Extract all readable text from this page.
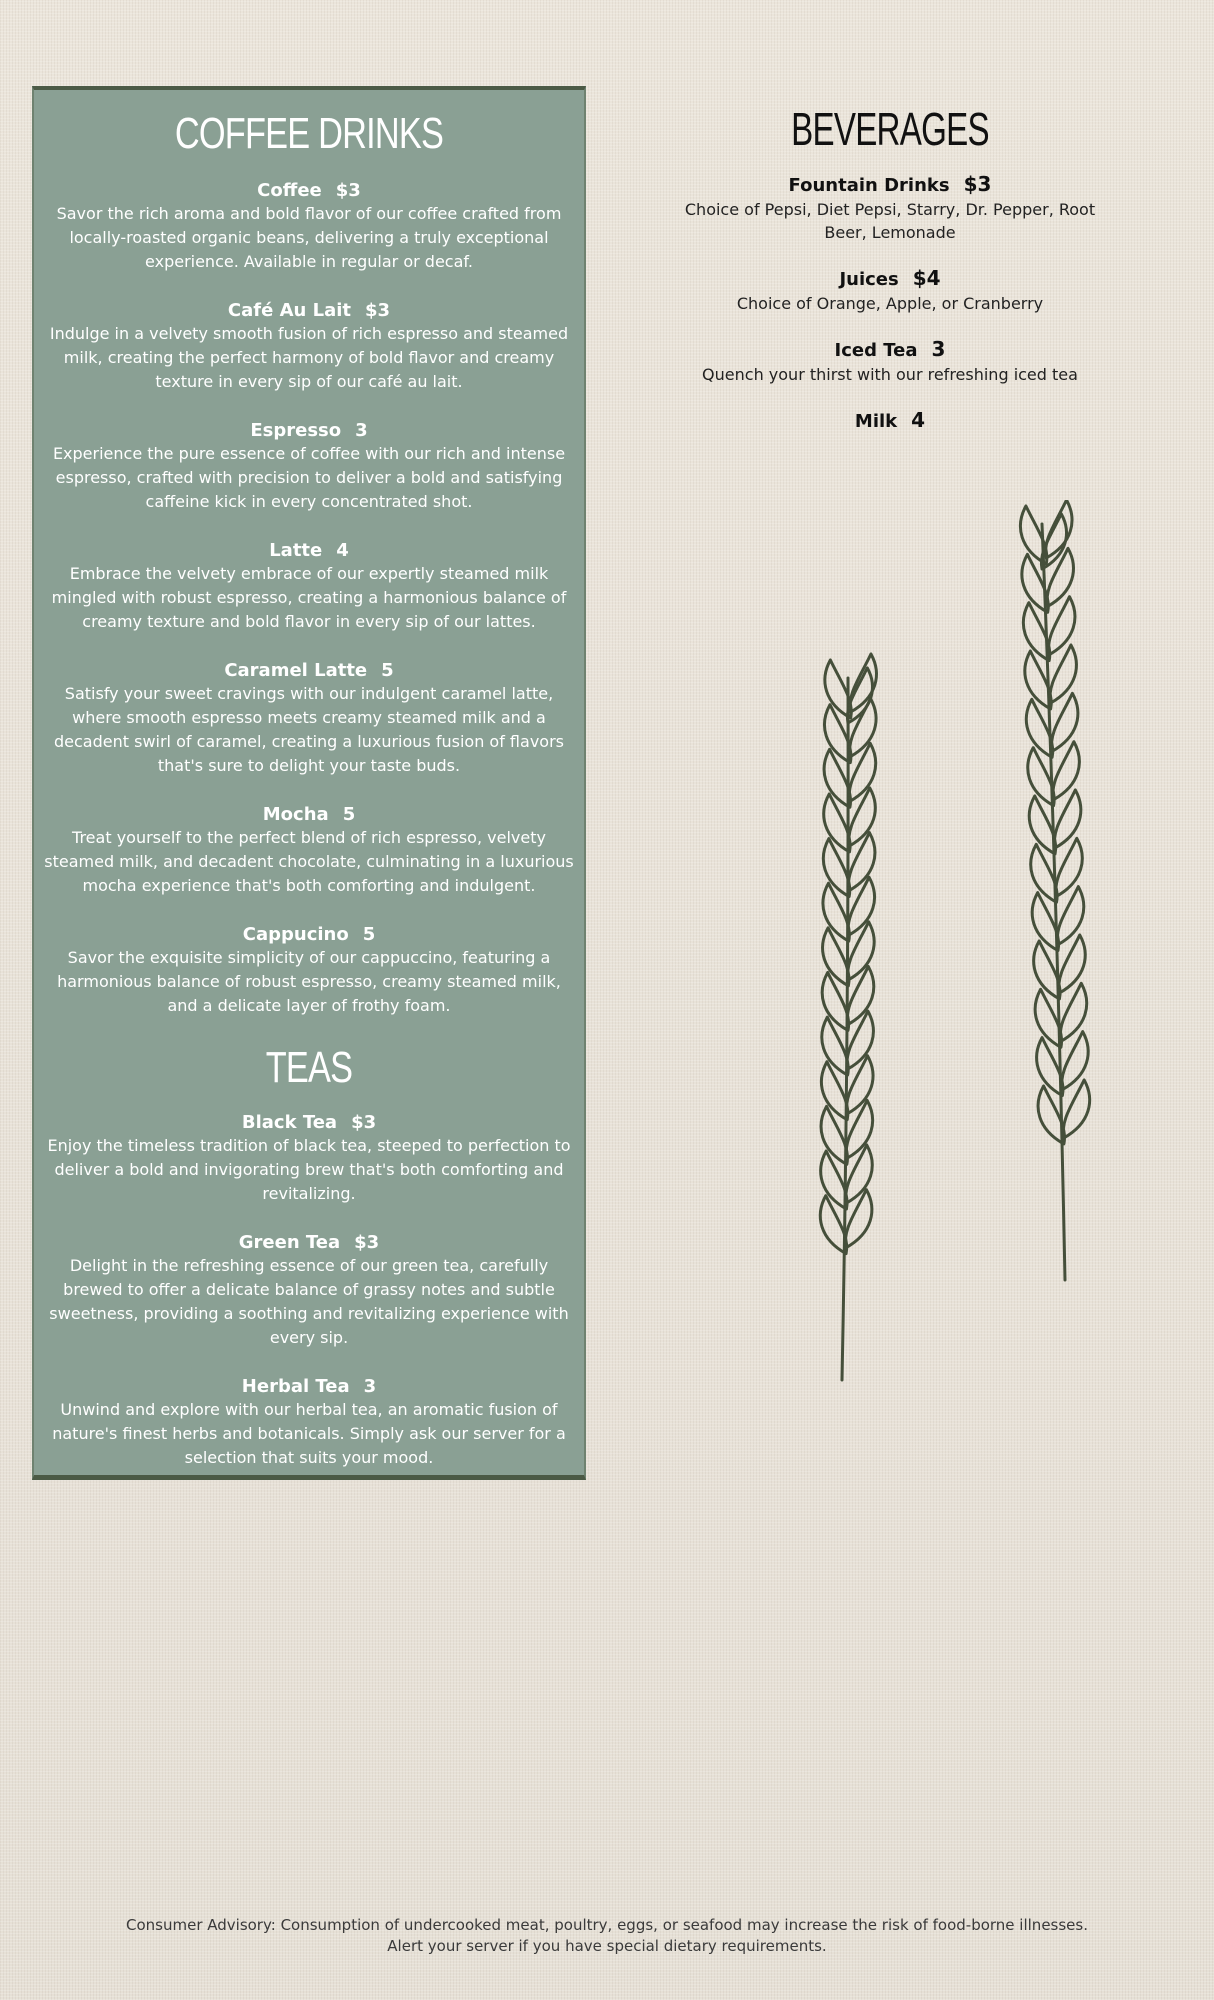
COFFEE DRINKS
Coffee $3
Savor the rich aroma and bold flavor of our coffee crafted from locally-roasted organic beans, delivering a truly exceptional experience. Available in regular or decaf.
Café Au Lait $3
Indulge in a velvety smooth fusion of rich espresso and steamed milk, creating the perfect harmony of bold flavor and creamy texture in every sip of our café au lait.
Espresso 3
Experience the pure essence of coffee with our rich and intense espresso, crafted with precision to deliver a bold and satisfying caffeine kick in every concentrated shot.
Latte 4
Embrace the velvety embrace of our expertly steamed milk mingled with robust espresso, creating a harmonious balance of creamy texture and bold flavor in every sip of our lattes.
Caramel Latte 5
Satisfy your sweet cravings with our indulgent caramel latte, where smooth espresso meets creamy steamed milk and a decadent swirl of caramel, creating a luxurious fusion of flavors that's sure to delight your taste buds.
Mocha 5
Treat yourself to the perfect blend of rich espresso, velvety steamed milk, and decadent chocolate, culminating in a luxurious mocha experience that's both comforting and indulgent.
Cappucino 5
Savor the exquisite simplicity of our cappuccino, featuring a harmonious balance of robust espresso, creamy steamed milk, and a delicate layer of frothy foam.
TEAS
Black Tea $3
Enjoy the timeless tradition of black tea, steeped to perfection to deliver a bold and invigorating brew that's both comforting and revitalizing.
Green Tea $3
Delight in the refreshing essence of our green tea, carefully brewed to offer a delicate balance of grassy notes and subtle sweetness, providing a soothing and revitalizing experience with every sip.
Herbal Tea 3
Unwind and explore with our herbal tea, an aromatic fusion of nature's finest herbs and botanicals. Simply ask our server for a selection that suits your mood.
BEVERAGES
Fountain Drinks $3
Choice of Pepsi, Diet Pepsi, Starry, Dr. Pepper, Root Beer, Lemonade
Juices $4
Choice of Orange, Apple, or Cranberry
Iced Tea 3
Quench your thirst with our refreshing iced tea
Milk 4
Consumer Advisory: Consumption of undercooked meat, poultry, eggs, or seafood may increase the risk of food-borne illnesses.
Alert your server if you have special dietary requirements.
